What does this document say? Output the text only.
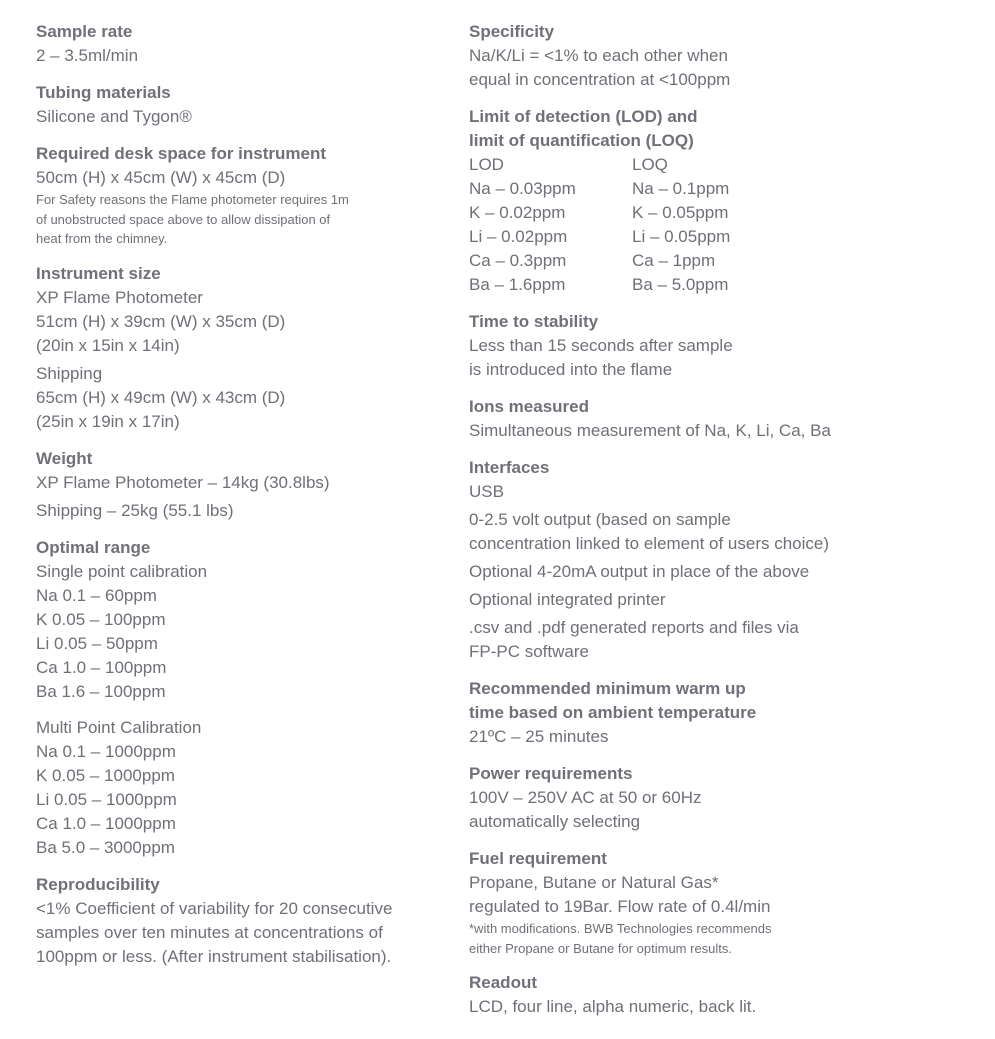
Sample rate
2 – 3.5ml/min
Tubing materials
Silicone and Tygon®
Required desk space for instrument
50cm (H) x 45cm (W) x 45cm (D)
For Safety reasons the Flame photometer requires 1m
of unobstructed space above to allow dissipation of
heat from the chimney.
Instrument size
XP Flame Photometer
51cm (H) x 39cm (W) x 35cm (D)
(20in x 15in x 14in)
Shipping
65cm (H) x 49cm (W) x 43cm (D)
(25in x 19in x 17in)
Weight
XP Flame Photometer – 14kg (30.8lbs)
Shipping – 25kg (55.1 lbs)
Optimal range
Single point calibration
Na 0.1 – 60ppm
K 0.05 – 100ppm
Li 0.05 – 50ppm
Ca 1.0 – 100ppm
Ba 1.6 – 100ppm
Multi Point Calibration
Na 0.1 – 1000ppm
K 0.05 – 1000ppm
Li 0.05 – 1000ppm
Ca 1.0 – 1000ppm
Ba 5.0 – 3000ppm
Reproducibility
<1% Coefficient of variability for 20 consecutive
samples over ten minutes at concentrations of
100ppm or less. (After instrument stabilisation).
Specificity
Na/K/Li = <1% to each other when
equal in concentration at <100ppm
Limit of detection (LOD) and
limit of quantification (LOQ)
LOD
Na – 0.03ppm
K – 0.02ppm
Li – 0.02ppm
Ca – 0.3ppm
Ba – 1.6ppm
LOQ
Na – 0.1ppm
K – 0.05ppm
Li – 0.05ppm
Ca – 1ppm
Ba – 5.0ppm
Time to stability
Less than 15 seconds after sample
is introduced into the flame
Ions measured
Simultaneous measurement of Na, K, Li, Ca, Ba
Interfaces
USB
0-2.5 volt output (based on sample
concentration linked to element of users choice)
Optional 4-20mA output in place of the above
Optional integrated printer
.csv and .pdf generated reports and files via
FP-PC software
Recommended minimum warm up
time based on ambient temperature
21ºC – 25 minutes
Power requirements
100V – 250V AC at 50 or 60Hz
automatically selecting
Fuel requirement
Propane, Butane or Natural Gas*
regulated to 19Bar. Flow rate of 0.4l/min
*with modifications. BWB Technologies recommends
either Propane or Butane for optimum results.
Readout
LCD, four line, alpha numeric, back lit.
